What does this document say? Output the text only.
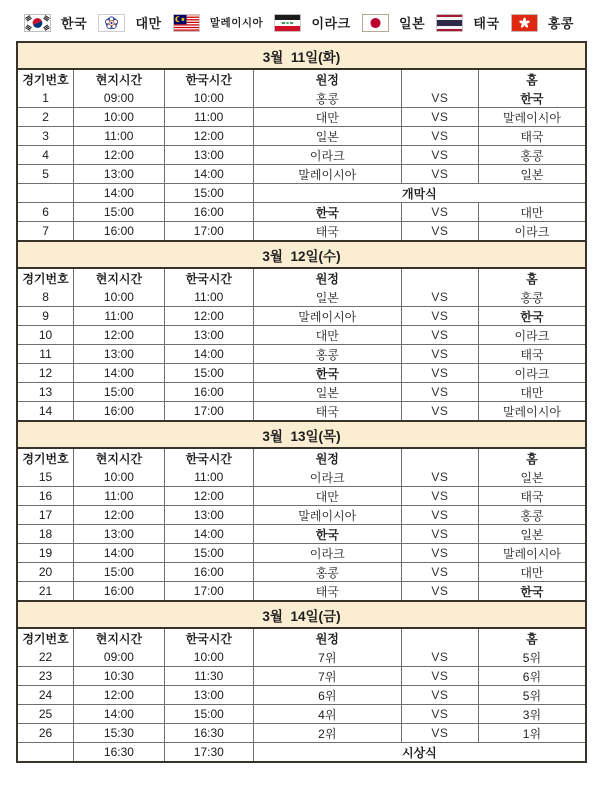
한국	대만	말레이시아	이라크	일본	태국	홍콩
3월  11일(화)
경기번호	현지시간	한국시간	원정		홈
1	09:00	10:00	홍콩	VS	한국
2	10:00	11:00	대만	VS	말레이시아
3	11:00	12:00	일본	VS	태국
4	12:00	13:00	이라크	VS	홍콩
5	13:00	14:00	말레이시아	VS	일본
	14:00	15:00	개막식		
6	15:00	16:00	한국	VS	대만
7	16:00	17:00	태국	VS	이라크
3월  12일(수)
경기번호	현지시간	한국시간	원정		홈
8	10:00	11:00	일본	VS	홍콩
9	11:00	12:00	말레이시아	VS	한국
10	12:00	13:00	대만	VS	이라크
11	13:00	14:00	홍콩	VS	태국
12	14:00	15:00	한국	VS	이라크
13	15:00	16:00	일본	VS	대만
14	16:00	17:00	태국	VS	말레이시아
3월  13일(목)
경기번호	현지시간	한국시간	원정		홈
15	10:00	11:00	이라크	VS	일본
16	11:00	12:00	대만	VS	태국
17	12:00	13:00	말레이시아	VS	홍콩
18	13:00	14:00	한국	VS	일본
19	14:00	15:00	이라크	VS	말레이시아
20	15:00	16:00	홍콩	VS	대만
21	16:00	17:00	태국	VS	한국
3월  14일(금)
경기번호	현지시간	한국시간	원정		홈
22	09:00	10:00	7위	VS	5위
23	10:30	11:30	7위	VS	6위
24	12:00	13:00	6위	VS	5위
25	14:00	15:00	4위	VS	3위
26	15:30	16:30	2위	VS	1위
	16:30	17:30	시상식		
